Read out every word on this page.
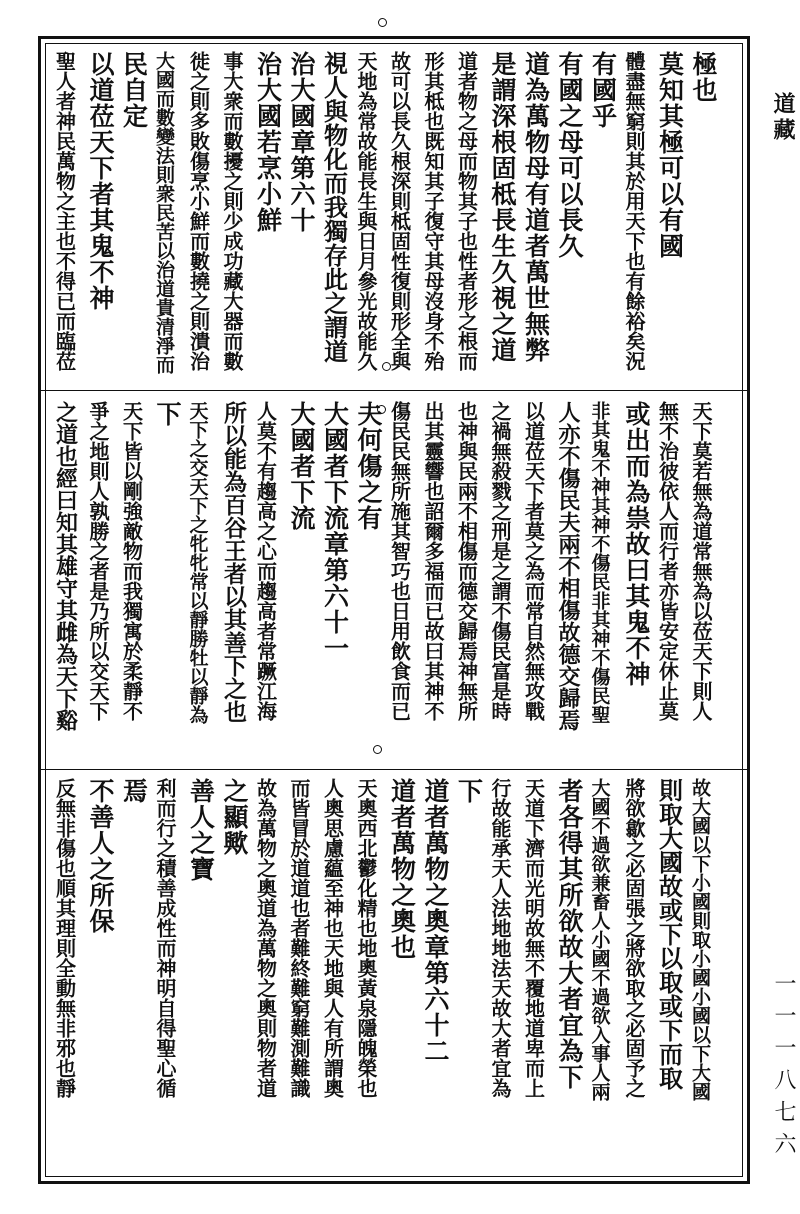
極也
莫知其極可以有國
體盡無窮則其於用天下也有餘裕矣況
有國乎
有國之母可以長久
道為萬物母有道者萬世無弊
是謂深根固柢長生久視之道
道者物之母而物其子也性者形之根而
形其柢也既知其子復守其母沒身不殆
故可以長久根深則柢固性復則形全與
天地為常故能長生與日月參光故能久
視人與物化而我獨存此之謂道
治大國章第六十
治大國若烹小鮮
事大衆而數擾之則少成功藏大器而數
徙之則多敗傷烹小鮮而數撓之則潰治
大國而數變法則衆民苦以治道貴清淨而
民自定
以道莅天下者其鬼不神
聖人者神民萬物之主也不得已而臨莅
天下莫若無為道常無為以莅天下則人
無不治彼依人而行者亦皆安定休止莫
或出而為祟故曰其鬼不神
非其鬼不神其神不傷民非其神不傷民聖
人亦不傷民夫兩不相傷故德交歸焉
以道莅天下者莫之為而常自然無攻戰
之禍無殺戮之刑是之謂不傷民富是時
也神與民兩不相傷而德交歸焉神無所
出其靈響也詔爾多福而已故曰其神不
傷民民無所施其智巧也日用飲食而已
夫何傷之有
大國者下流章第六十一
大國者下流
人莫不有趨高之心而趨高者常蹶江海
所以能為百谷王者以其善下之也
天下之交天下之牝牝常以靜勝牡以靜為
下
天下皆以剛強敵物而我獨寓於柔靜不
爭之地則人孰勝之者是乃所以交天下
之道也經曰知其雄守其雌為天下谿
故大國以下小國則取小國小國以下大國
則取大國故或下以取或下而取
將欲歙之必固張之將欲取之必固予之
大國不過欲兼畜人小國不過欲入事人兩
者各得其所欲故大者宜為下
天道下濟而光明故無不覆地道卑而上
行故能承天人法地地法天故大者宜為
下
道者萬物之奧章第六十二
道者萬物之奧也
天奧西北鬱化精也地奧黃泉隱魄榮也
人奧思慮藴至神也天地與人有所謂奧
而皆冒於道道也者難終難窮難測難識
故為萬物之奧道為萬物之奧則物者道
之顯歟
善人之寶
利而行之積善成性而神明自得聖心循
焉
不善人之所保
反無非傷也順其理則全動無非邪也靜
道藏
一一一八七六
